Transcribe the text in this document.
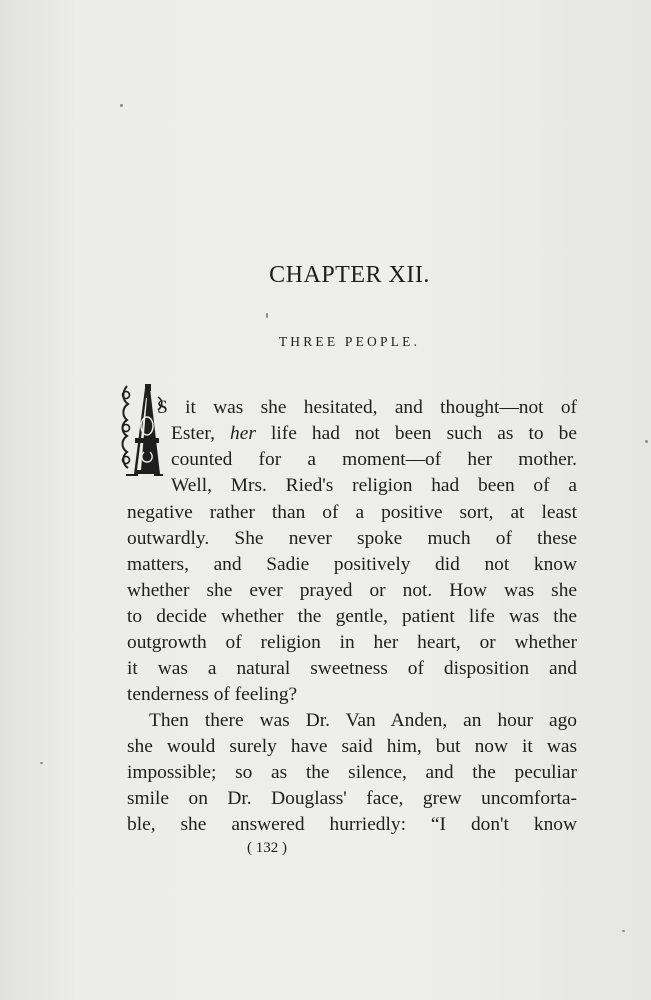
CHAPTER XII.
THREE PEOPLE.

S it was she hesitated, and thought—not of

Ester, her life had not been such as to be

counted for a moment—of her mother.

Well, Mrs. Ried's religion had been of a

negative rather than of a positive sort, at least

outwardly. She never spoke much of these

matters, and Sadie positively did not know

whether she ever prayed or not. How was she

to decide whether the gentle, patient life was the

outgrowth of religion in her heart, or whether

it was a natural sweetness of disposition and

tenderness of feeling?

Then there was Dr. Van Anden, an hour ago

she would surely have said him, but now it was

impossible; so as the silence, and the peculiar

smile on Dr. Douglass' face, grew uncomforta-

ble, she answered hurriedly: “I don't know

( 132 )
